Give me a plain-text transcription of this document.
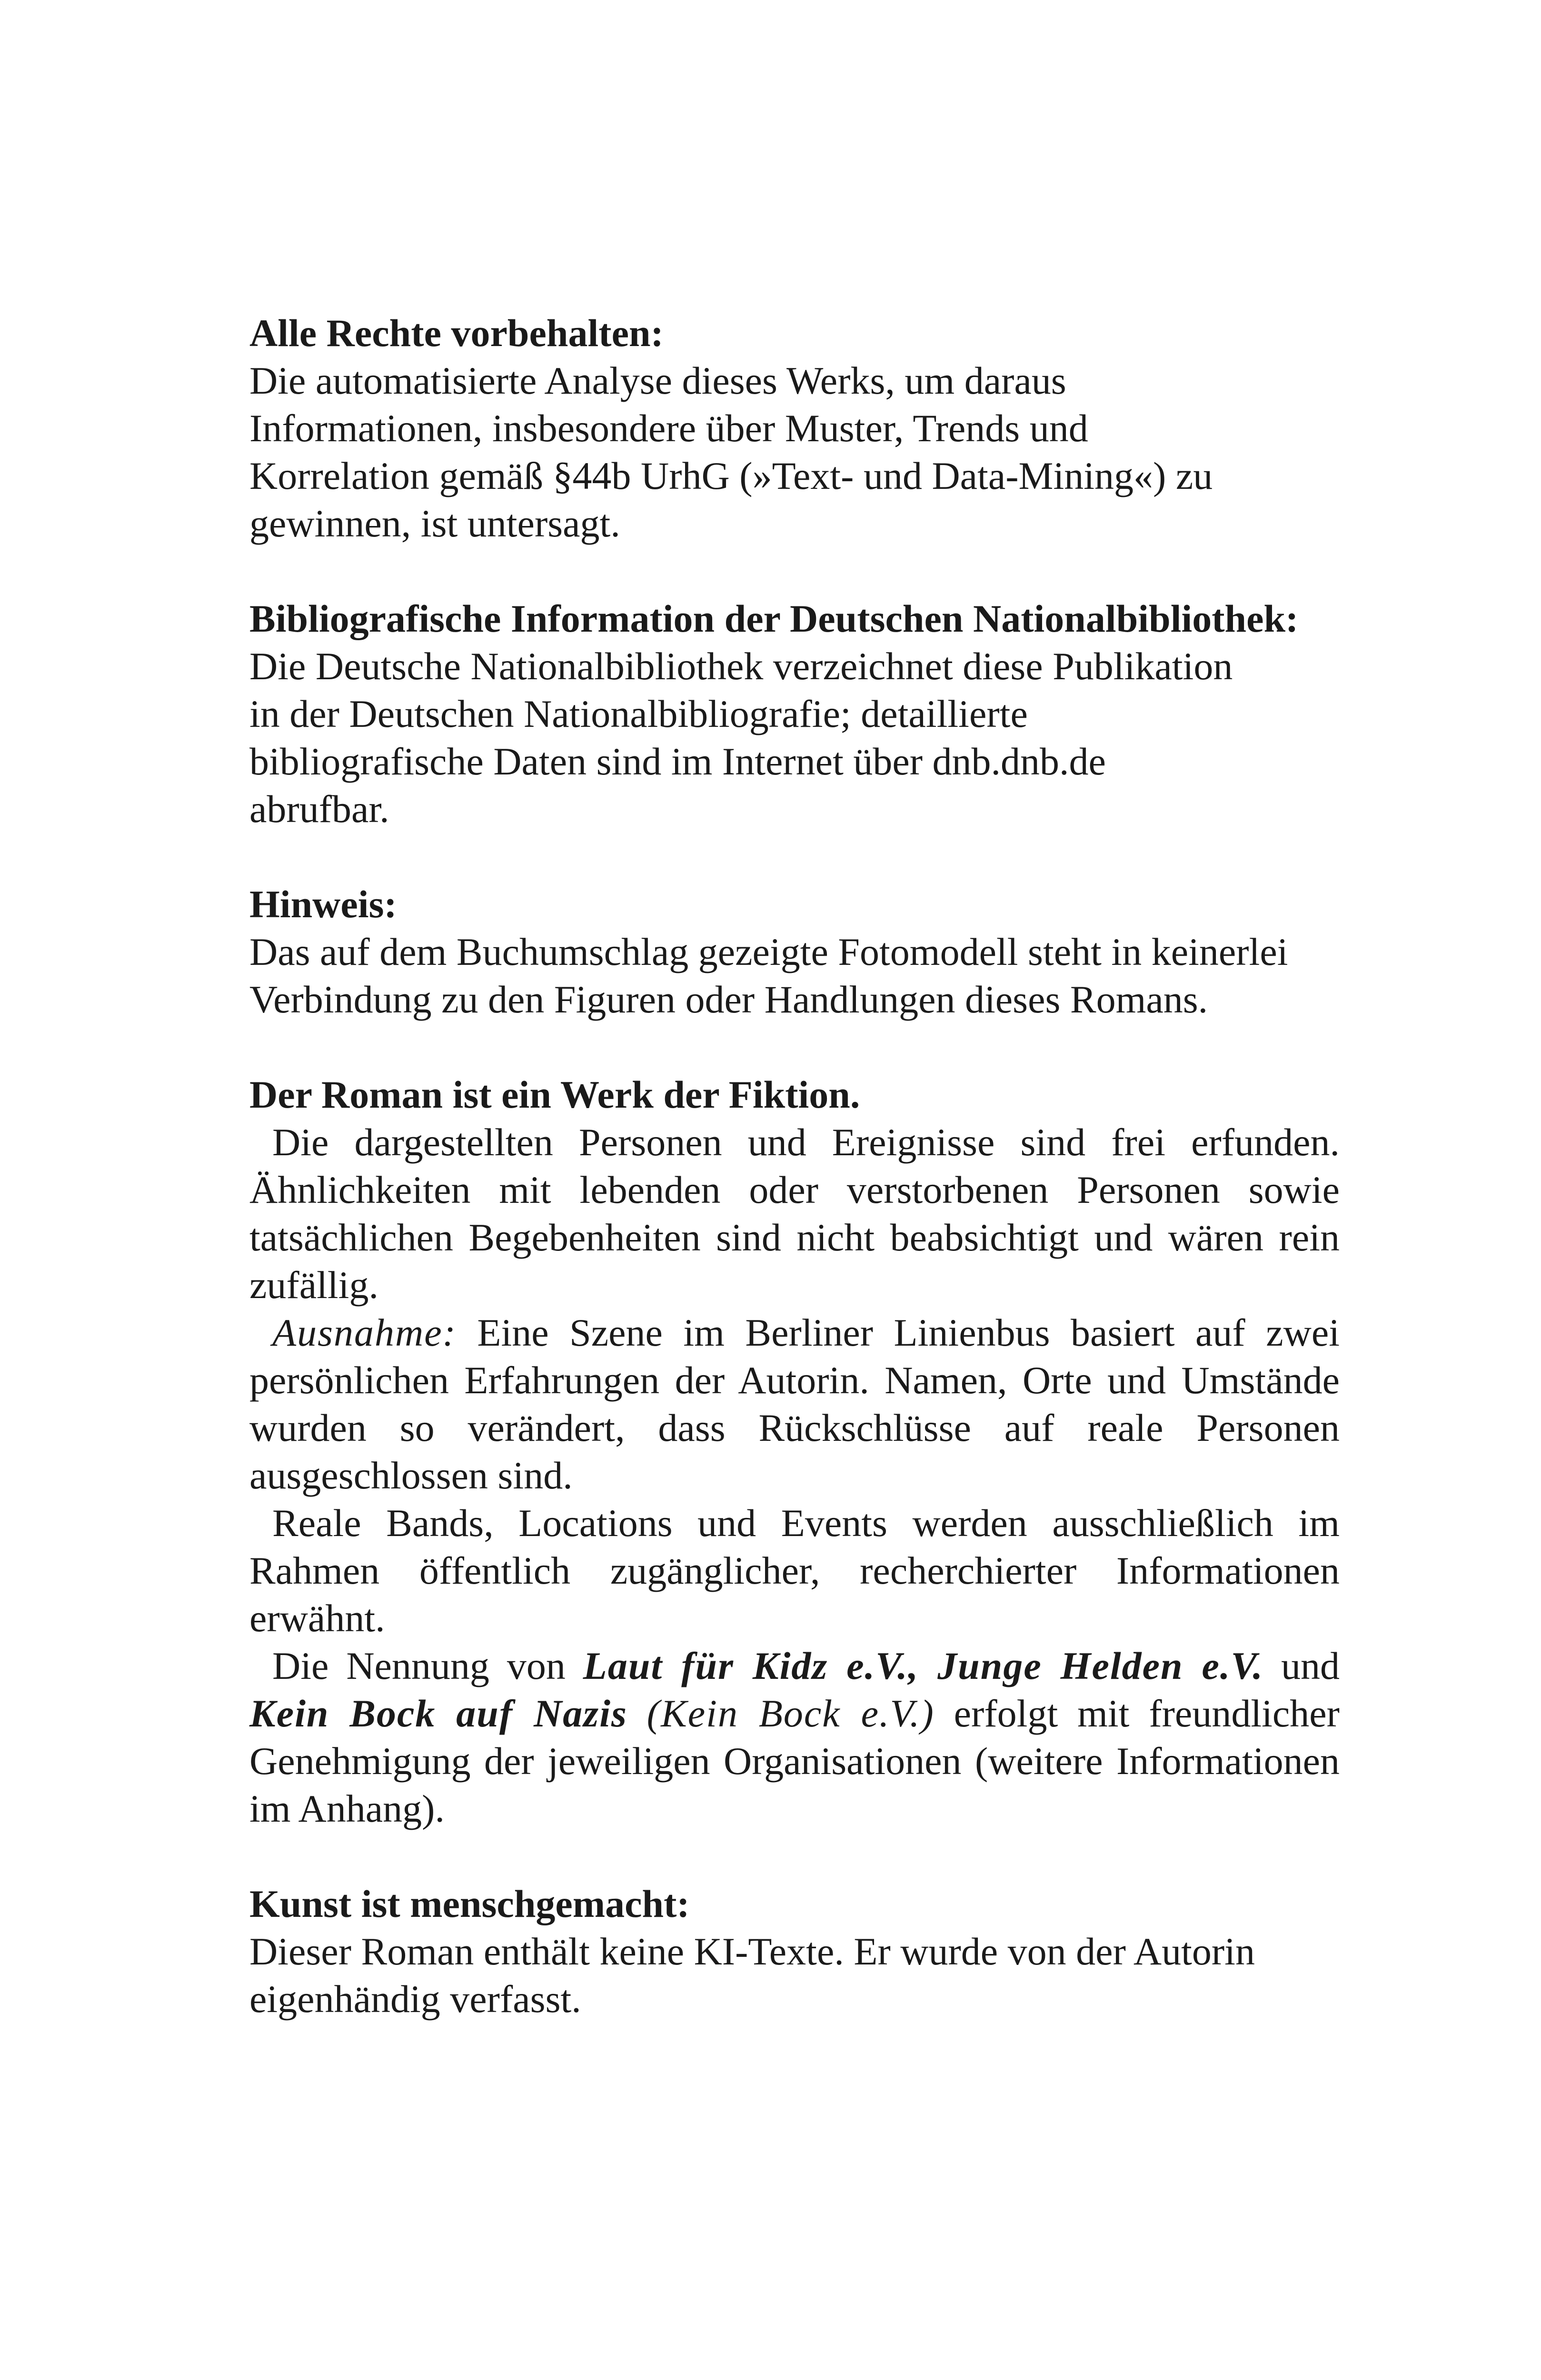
Alle Rechte vorbehalten:

Die automatisierte Analyse dieses Werks, um daraus

Informationen, insbesondere über Muster, Trends und

Korrelation gemäß §44b UrhG (»Text- und Data-Mining«) zu

gewinnen, ist untersagt.

Bibliografische Information der Deutschen Nationalbibliothek:

Die Deutsche Nationalbibliothek verzeichnet diese Publikation

in der Deutschen Nationalbibliografie; detaillierte

bibliografische Daten sind im Internet über dnb.dnb.de

abrufbar.

Hinweis:

Das auf dem Buchumschlag gezeigte Fotomodell steht in keinerlei

Verbindung zu den Figuren oder Handlungen dieses Romans.

Der Roman ist ein Werk der Fiktion.

Die dargestellten Personen und Ereignisse sind frei erfunden. Ähnlichkeiten mit lebenden oder verstorbenen Personen sowie tatsächlichen Begebenheiten sind nicht beabsichtigt und wären rein zufällig.

Ausnahme: Eine Szene im Berliner Linienbus basiert auf zwei persönlichen Erfahrungen der Autorin. Namen, Orte und Umstände wurden so verändert, dass Rückschlüsse auf reale Personen ausgeschlossen sind.

Reale Bands, Locations und Events werden ausschließlich im Rahmen öffentlich zugänglicher, recherchierter Informationen erwähnt.

Die Nennung von Laut für Kidz e.V., Junge Helden e.V. und Kein Bock auf Nazis (Kein Bock e.V.) erfolgt mit freundlicher Genehmigung der jeweiligen Organisationen (weitere Informationen im Anhang).

Kunst ist menschgemacht:

Dieser Roman enthält keine KI-Texte. Er wurde von der Autorin

eigenhändig verfasst.
